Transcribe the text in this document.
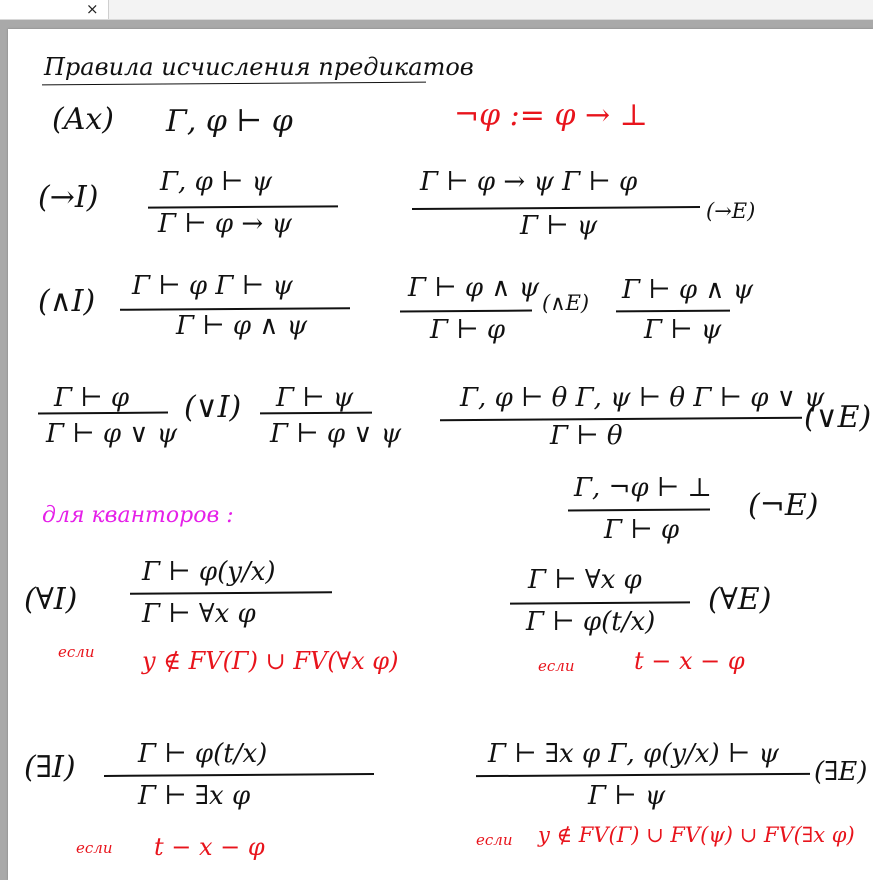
×
Правила исчисления предикатов
(Ax) Γ, φ ⊢ φ	¬φ := φ → ⊥
(→I) Γ, φ ⊢ ψ
Γ ⊢ φ → ψ
Γ ⊢ φ → ψ Γ ⊢ φ
Γ ⊢ ψ	(→E)
(∧I) Γ ⊢ φ Γ ⊢ ψ
Γ ⊢ φ ∧ ψ
Γ ⊢ φ ∧ ψ
Γ ⊢ φ
(∧E) Γ ⊢ φ ∧ ψ
Γ ⊢ ψ
Γ ⊢ φ
Γ ⊢ φ ∨ ψ
(∨I) Γ ⊢ ψ
Γ ⊢ φ ∨ ψ
Γ, φ ⊢ θ Γ, ψ ⊢ θ Γ ⊢ φ ∨ ψ
Γ ⊢ θ
(∨E)
Γ, ¬φ ⊢ ⊥
Γ ⊢ φ
(¬E)
для кванторов :
(∀I)
Γ ⊢ φ(y/x)
Γ ⊢ ∀x φ
если y ∉ FV(Γ) ∪ FV(∀x φ)
Γ ⊢ ∀x φ
Γ ⊢ φ(t/x)
(∀E)
если t − x − φ
(∃I) Γ ⊢ φ(t/x)
Γ ⊢ ∃x φ
если t − x − φ
Γ ⊢ ∃x φ Γ, φ(y/x) ⊢ ψ
Γ ⊢ ψ
(∃E)
если y ∉ FV(Γ) ∪ FV(ψ) ∪ FV(∃x φ)
